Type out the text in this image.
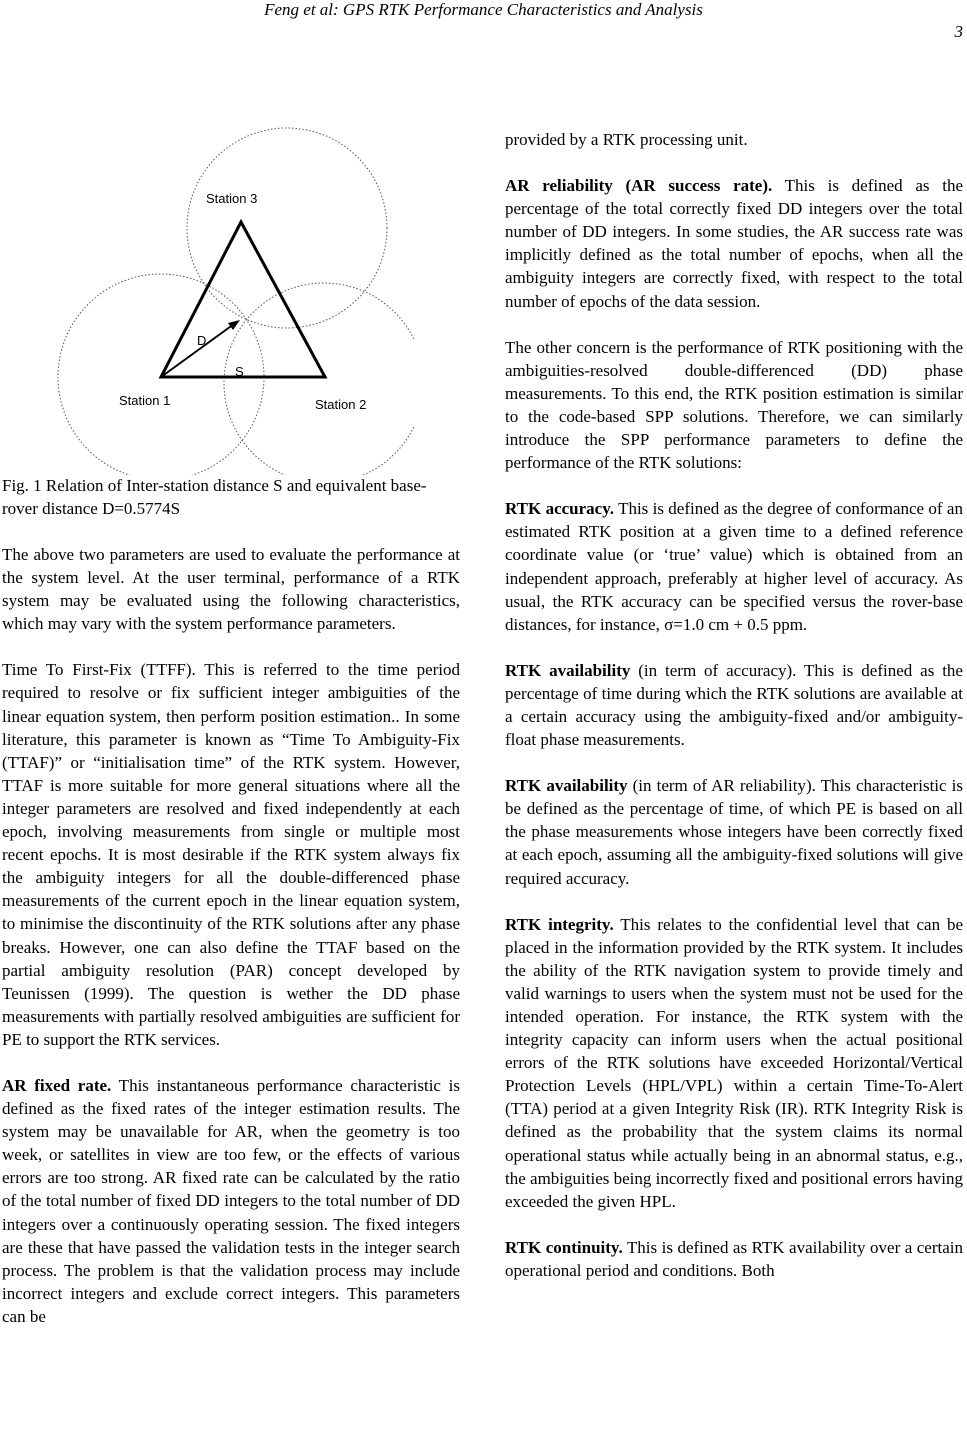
Feng et al: GPS RTK Performance Characteristics and Analysis
3
Station 3
Station 1	Station 2
D
S
Fig. 1 Relation of Inter-station distance S and equivalent base-rover distance D=0.5774S

The above two parameters are used to evaluate the performance at the system level. At the user terminal, performance of a RTK system may be evaluated using the following characteristics, which may vary with the system performance parameters.

Time To First-Fix (TTFF). This is referred to the time period required to resolve or fix sufficient integer ambiguities of the linear equation system, then perform position estimation.. In some literature, this parameter is known as “Time To Ambiguity-Fix (TTAF)” or “initialisation time” of the RTK system. However, TTAF is more suitable for more general situations where all the integer parameters are resolved and fixed independently at each epoch, involving measurements from single or multiple most recent epochs. It is most desirable if the RTK system always fix the ambiguity integers for all the double-differenced phase measurements of the current epoch in the linear equation system, to minimise the discontinuity of the RTK solutions after any phase breaks. However, one can also define the TTAF based on the partial ambiguity resolution (PAR) concept developed by Teunissen (1999). The question is wether the DD phase measurements with partially resolved ambiguities are sufficient for PE to support the RTK services.

AR fixed rate. This instantaneous performance characteristic is defined as the fixed rates of the integer estimation results. The system may be unavailable for AR, when the geometry is too week, or satellites in view are too few, or the effects of various errors are too strong. AR fixed rate can be calculated by the ratio of the total number of fixed DD integers to the total number of DD integers over a continuously operating session. The fixed integers are these that have passed the validation tests in the integer search process. The problem is that the validation process may include incorrect integers and exclude correct integers. This parameters can be

provided by a RTK processing unit.

AR reliability (AR success rate). This is defined as the percentage of the total correctly fixed DD integers over the total number of DD integers. In some studies, the AR success rate was implicitly defined as the total number of epochs, when all the ambiguity integers are correctly fixed, with respect to the total number of epochs of the data session.

The other concern is the performance of RTK positioning with the ambiguities-resolved double-differenced (DD) phase measurements. To this end, the RTK position estimation is similar to the code-based SPP solutions. Therefore, we can similarly introduce the SPP performance parameters to define the performance of the RTK solutions:

RTK accuracy. This is defined as the degree of conformance of an estimated RTK position at a given time to a defined reference coordinate value (or ‘true’ value) which is obtained from an independent approach, preferably at higher level of accuracy. As usual, the RTK accuracy can be specified versus the rover-base distances, for instance, σ=1.0 cm + 0.5 ppm.

RTK availability (in term of accuracy). This is defined as the percentage of time during which the RTK solutions are available at a certain accuracy using the ambiguity-fixed and/or ambiguity-float phase measurements.

RTK availability (in term of AR reliability). This characteristic is be defined as the percentage of time, of which PE is based on all the phase measurements whose integers have been correctly fixed at each epoch, assuming all the ambiguity-fixed solutions will give required accuracy.

RTK integrity. This relates to the confidential level that can be placed in the information provided by the RTK system. It includes the ability of the RTK navigation system to provide timely and valid warnings to users when the system must not be used for the intended operation. For instance, the RTK system with the integrity capacity can inform users when the actual positional errors of the RTK solutions have exceeded Horizontal/Vertical Protection Levels (HPL/VPL) within a certain Time-To-Alert (TTA) period at a given Integrity Risk (IR). RTK Integrity Risk is defined as the probability that the system claims its normal operational status while actually being in an abnormal status, e.g., the ambiguities being incorrectly fixed and positional errors having exceeded the given HPL.

RTK continuity. This is defined as RTK availability over a certain operational period and conditions. Both
